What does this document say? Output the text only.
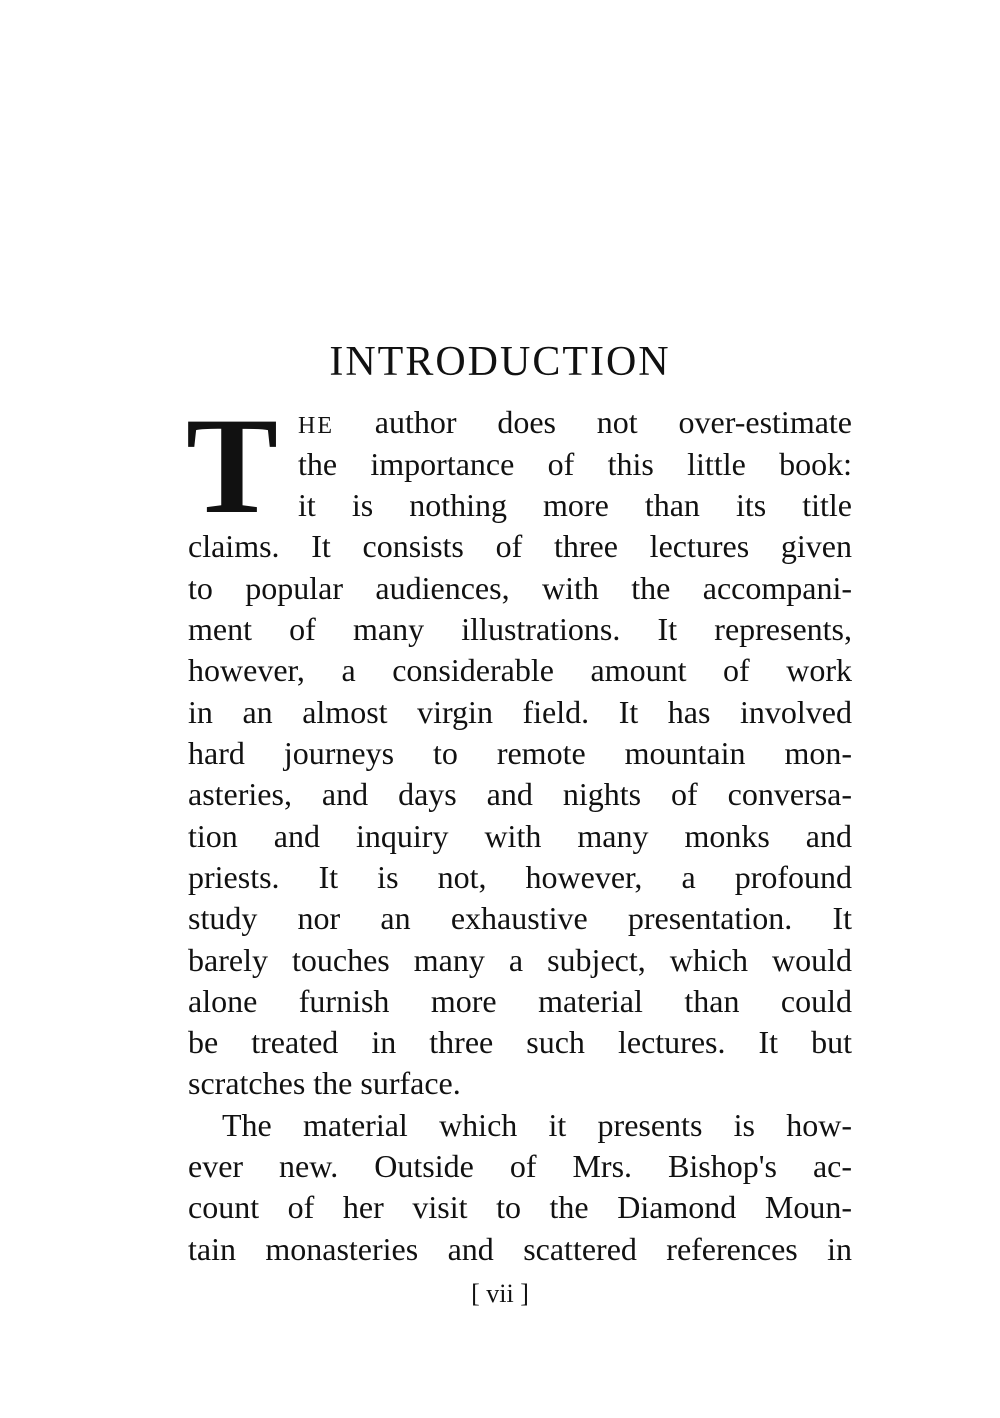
INTRODUCTION
T HE author does not over-estimate
the importance of this little book:
it is nothing more than its title
claims. It consists of three lectures given
to popular audiences, with the accompani-
ment of many illustrations. It represents,
however, a considerable amount of work
in an almost virgin field. It has involved
hard journeys to remote mountain mon-
asteries, and days and nights of conversa-
tion and inquiry with many monks and
priests. It is not, however, a profound
study nor an exhaustive presentation. It
barely touches many a subject, which would
alone furnish more material than could
be treated in three such lectures. It but
scratches the surface.
The material which it presents is how-
ever new. Outside of Mrs. Bishop's ac-
count of her visit to the Diamond Moun-
tain monasteries and scattered references in
[ vii ]
